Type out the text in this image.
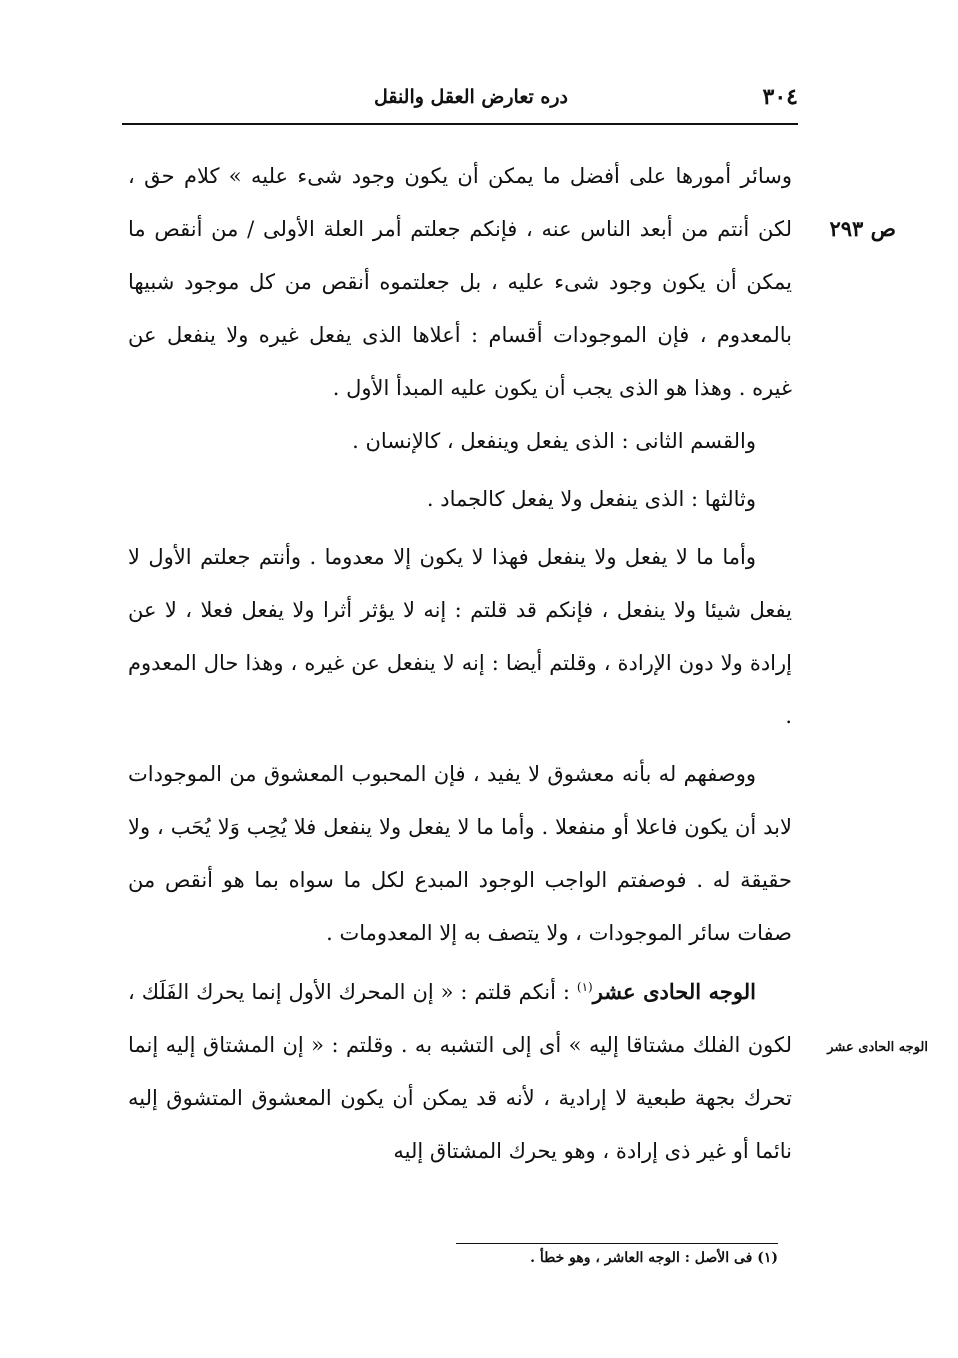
٣٠٤
دره تعارض العقل والنقل
ص ٢٩٣
الوجه الحادى عشر

وسائر أمورها على أفضل ما يمكن أن يكون وجود شىء عليه » كلام حق ، لكن أنتم من أبعد الناس عنه ، فإنكم جعلتم أمر العلة الأولى / من أنقص ما يمكن أن يكون وجود شىء عليه ، بل جعلتموه أنقص من كل موجود شبيها بالمعدوم ، فإن الموجودات أقسام : أعلاها الذى يفعل غيره ولا ينفعل عن غيره . وهذا هو الذى يجب أن يكون عليه المبدأ الأول .

والقسم الثانى : الذى يفعل وينفعل ، كالإنسان .

وثالثها : الذى ينفعل ولا يفعل كالجماد .

وأما ما لا يفعل ولا ينفعل فهذا لا يكون إلا معدوما . وأنتم جعلتم الأول لا يفعل شيئا ولا ينفعل ، فإنكم قد قلتم : إنه لا يؤثر أثرا ولا يفعل فعلا ، لا عن إرادة ولا دون الإرادة ، وقلتم أيضا : إنه لا ينفعل عن غيره ، وهذا حال المعدوم .

ووصفهم له بأنه معشوق لا يفيد ، فإن المحبوب المعشوق من الموجودات لابد أن يكون فاعلا أو منفعلا . وأما ما لا يفعل ولا ينفعل فلا يُحِب وَلا يُحَب ، ولا حقيقة له . فوصفتم الواجب الوجود المبدع لكل ما سواه بما هو أنقص من صفات سائر الموجودات ، ولا يتصف به إلا المعدومات .

الوجه الحادى عشر$^{(١)}$ : أنكم قلتم : « إن المحرك الأول إنما يحرك الفَلَك ، لكون الفلك مشتاقا إليه » أى إلى التشبه به . وقلتم : « إن المشتاق إليه إنما تحرك بجهة طبعية لا إرادية ، لأنه قد يمكن أن يكون المعشوق المتشوق إليه نائما أو غير ذى إرادة ، وهو يحرك المشتاق إليه

(١) فى الأصل : الوجه العاشر ، وهو خطأ .
